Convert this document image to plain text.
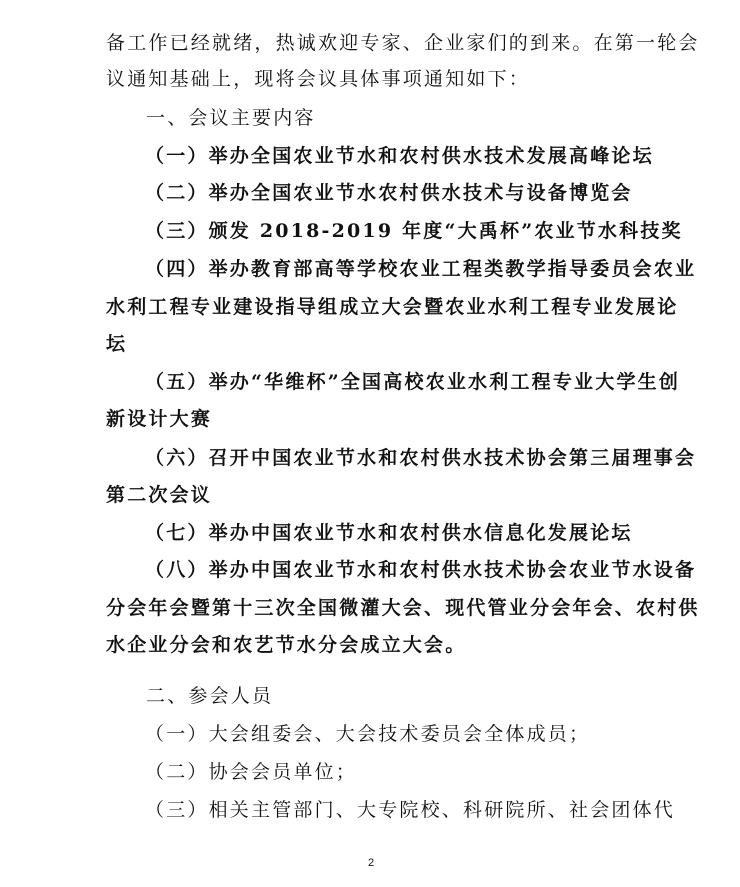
备工作已经就绪，热诚欢迎专家、企业家们的到来。在第一轮会
议通知基础上，现将会议具体事项通知如下：
一、会议主要内容
（一）举办全国农业节水和农村供水技术发展高峰论坛
（二）举办全国农业节水农村供水技术与设备博览会
（三）颁发 2018-2019 年度“大禹杯”农业节水科技奖
（四）举办教育部高等学校农业工程类教学指导委员会农业
水利工程专业建设指导组成立大会暨农业水利工程专业发展论
坛
（五）举办“华维杯”全国高校农业水利工程专业大学生创
新设计大赛
（六）召开中国农业节水和农村供水技术协会第三届理事会
第二次会议
（七）举办中国农业节水和农村供水信息化发展论坛
（八）举办中国农业节水和农村供水技术协会农业节水设备
分会年会暨第十三次全国微灌大会、现代管业分会年会、农村供
水企业分会和农艺节水分会成立大会。
二、参会人员
（一）大会组委会、大会技术委员会全体成员；
（二）协会会员单位；
（三）相关主管部门、大专院校、科研院所、社会团体代
2
